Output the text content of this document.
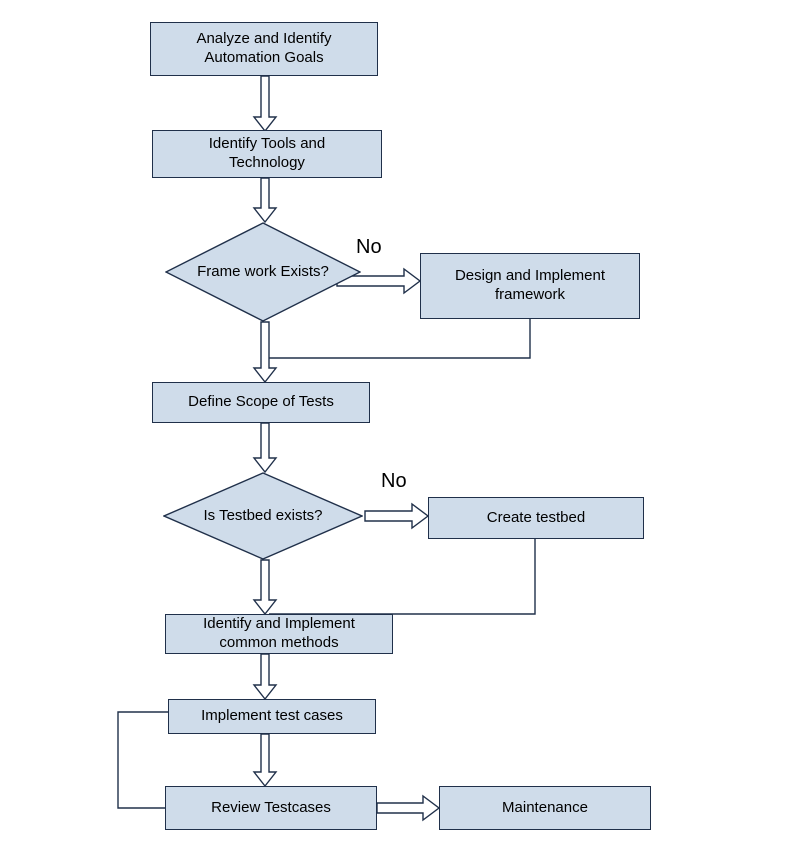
Analyze and Identify
Automation Goals
Identify Tools and
Technology
Frame work Exists?	Design and Implement
framework
Define Scope of Tests
Is Testbed exists?	Create testbed
Identify and Implement
common methods
Implement test cases
Review Testcases	Maintenance
No
No
